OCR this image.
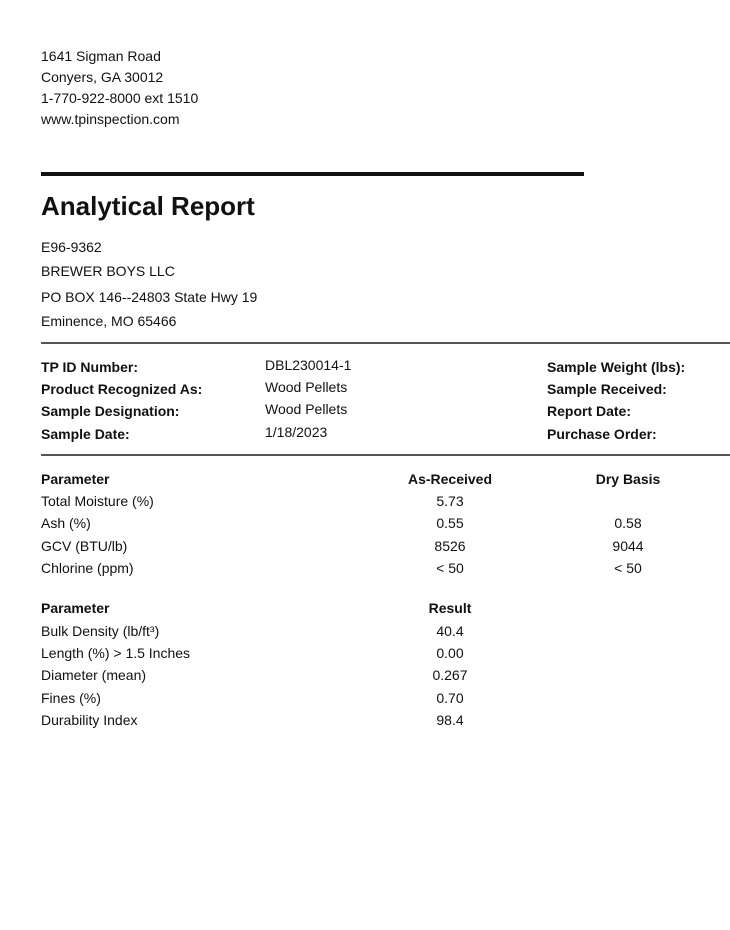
1641 Sigman Road
Conyers, GA 30012
1-770-922-8000 ext 1510
www.tpinspection.com
Analytical Report
E96-9362
BREWER BOYS LLC
PO BOX 146--24803 State Hwy 19
Eminence, MO 65466
TP ID Number:	DBL230014-1
Product Recognized As:	Wood Pellets
Sample Designation:	Wood Pellets
Sample Date:	1/18/2023
Sample Weight (lbs):
Sample Received:
Report Date:
Purchase Order:
Parameter	As-Received	Dry Basis
Total Moisture (%)	5.73
Ash (%)	0.55	0.58
GCV (BTU/lb)	8526	9044
Chlorine (ppm)	< 50	< 50
Parameter	Result
Bulk Density (lb/ft³)	40.4
Length (%) > 1.5 Inches	0.00
Diameter (mean)	0.267
Fines (%)	0.70
Durability Index	98.4
